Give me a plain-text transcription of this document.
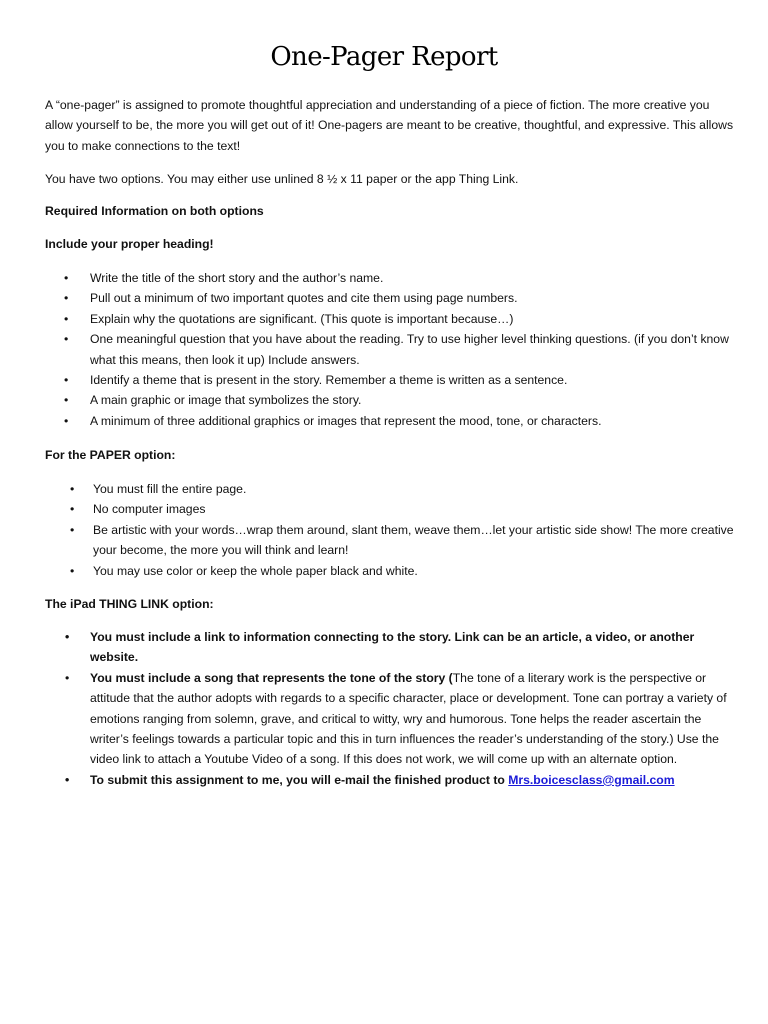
One-Pager Report

A “one-pager” is assigned to promote thoughtful appreciation and understanding of a piece of fiction. The more creative you allow yourself to be, the more you will get out of it! One-pagers are meant to be creative, thoughtful, and expressive. This allows you to make connections to the text!

You have two options. You may either use unlined 8 ½ x 11 paper or the app Thing Link.

Required Information on both options

Include your proper heading!

• Write the title of the short story and the author’s name.
• Pull out a minimum of two important quotes and cite them using page numbers.
• Explain why the quotations are significant. (This quote is important because…)
• One meaningful question that you have about the reading. Try to use higher level thinking questions. (if you don’t know what this means, then look it up) Include answers.
• Identify a theme that is present in the story. Remember a theme is written as a sentence.
• A main graphic or image that symbolizes the story.
• A minimum of three additional graphics or images that represent the mood, tone, or characters.

For the PAPER option:

• You must fill the entire page.
• No computer images
• Be artistic with your words…wrap them around, slant them, weave them…let your artistic side show! The more creative your become, the more you will think and learn!
• You may use color or keep the whole paper black and white.

The iPad THING LINK option:

• You must include a link to information connecting to the story. Link can be an article, a video, or another website.
• You must include a song that represents the tone of the story (The tone of a literary work is the perspective or attitude that the author adopts with regards to a specific character, place or development. Tone can portray a variety of emotions ranging from solemn, grave, and critical to witty, wry and humorous. Tone helps the reader ascertain the writer’s feelings towards a particular topic and this in turn influences the reader’s understanding of the story.) Use the video link to attach a Youtube Video of a song. If this does not work, we will come up with an alternate option.
• To submit this assignment to me, you will e-mail the finished product to Mrs.boicesclass@gmail.com
